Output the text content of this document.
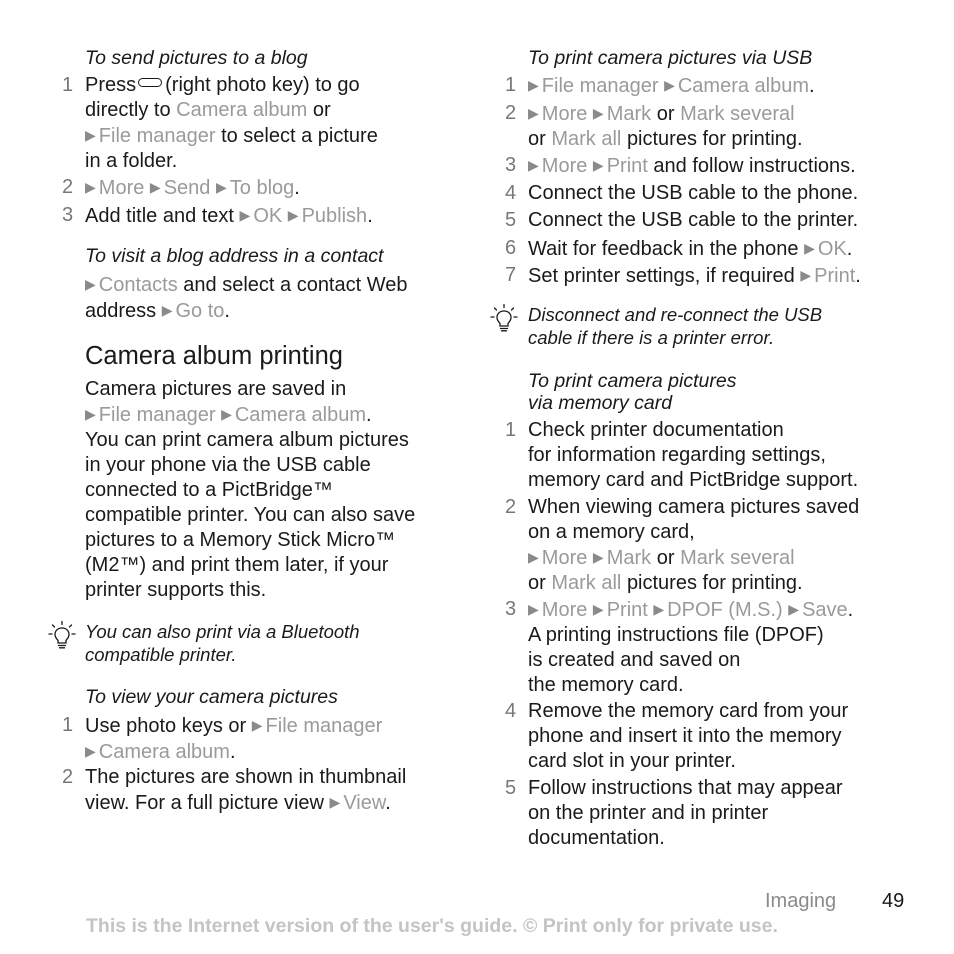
To send pictures to a blog
1 Press (right photo key) to go
directly to Camera album or
▶ File manager to select a picture
in a folder.
2 ▶ More ▶ Send ▶ To blog.
3 Add title and text ▶ OK ▶ Publish.
To visit a blog address in a contact
▶ Contacts and select a contact Web
address ▶ Go to.
Camera album printing
Camera pictures are saved in
▶ File manager ▶ Camera album.
You can print camera album pictures
in your phone via the USB cable
connected to a PictBridge™
compatible printer. You can also save
pictures to a Memory Stick Micro™
(M2™) and print them later, if your
printer supports this.
You can also print via a Bluetooth
compatible printer.
To view your camera pictures
1 Use photo keys or ▶ File manager
▶ Camera album.
2 The pictures are shown in thumbnail
view. For a full picture view ▶ View.
To print camera pictures via USB
1 ▶ File manager ▶ Camera album.
2 ▶ More ▶ Mark or Mark several
or Mark all pictures for printing.
3 ▶ More ▶ Print and follow instructions.
4 Connect the USB cable to the phone.
5 Connect the USB cable to the printer.
6 Wait for feedback in the phone ▶ OK.
7 Set printer settings, if required ▶ Print.
Disconnect and re-connect the USB
cable if there is a printer error.
To print camera pictures
via memory card
1 Check printer documentation
for information regarding settings,
memory card and PictBridge support.
2 When viewing camera pictures saved
on a memory card,
▶ More ▶ Mark or Mark several
or Mark all pictures for printing.
3 ▶ More ▶ Print ▶ DPOF (M.S.) ▶ Save.
A printing instructions file (DPOF)
is created and saved on
the memory card.
4 Remove the memory card from your
phone and insert it into the memory
card slot in your printer.
5 Follow instructions that may appear
on the printer and in printer
documentation.
Imaging 49
This is the Internet version of the user's guide. © Print only for private use.
